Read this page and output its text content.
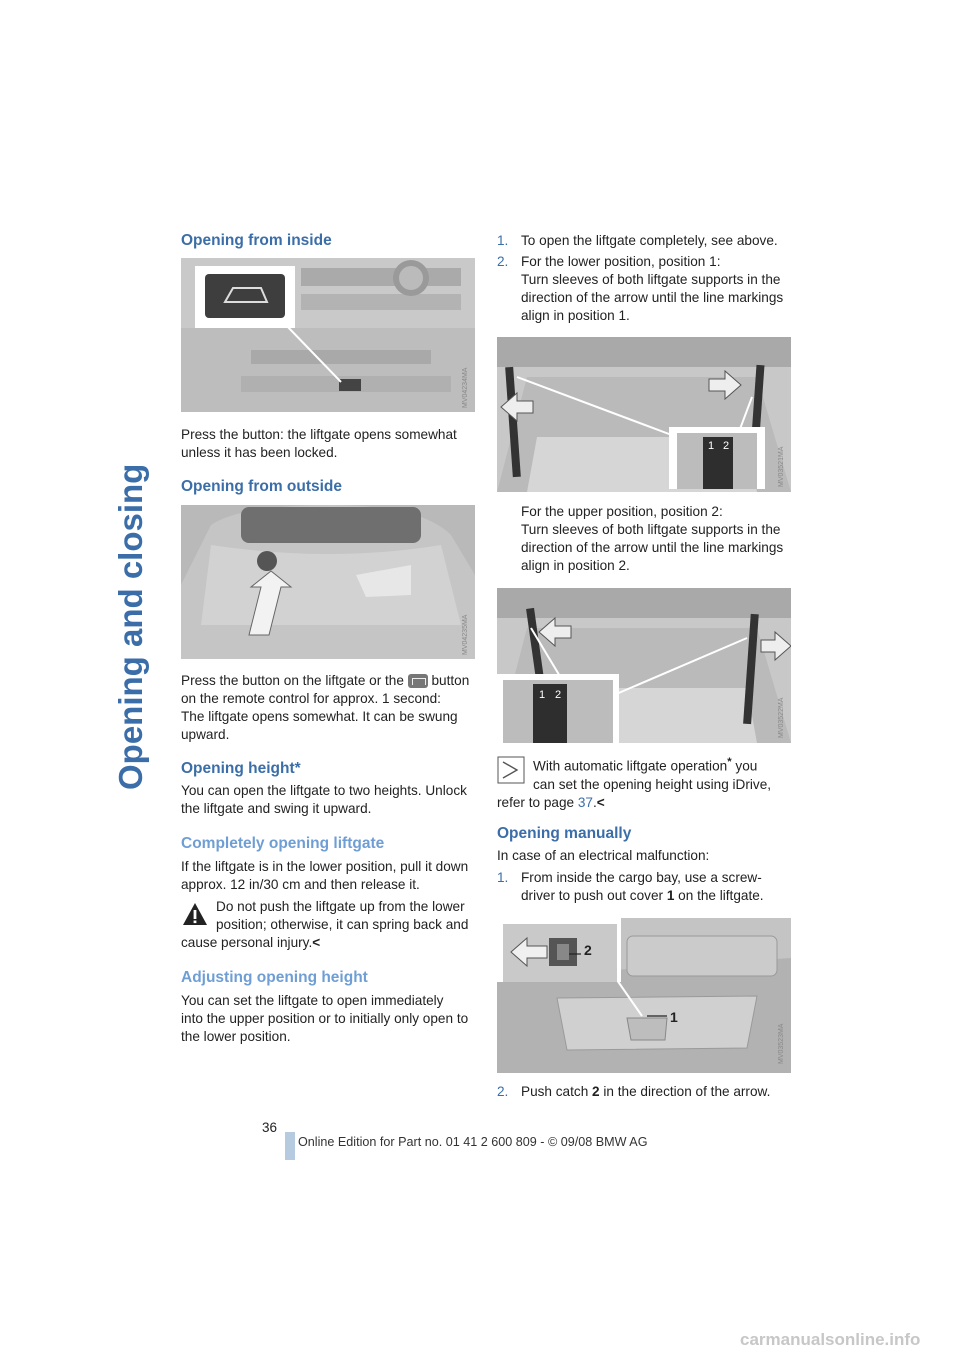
Opening and closing
Opening from inside
MV04234MA
Press the button: the liftgate opens somewhat
unless it has been locked.
Opening from outside
MV04235MA
Press the button on the liftgate or the button
on the remote control for approx. 1 second:
The liftgate opens somewhat. It can be swung
upward.
Opening height*
You can open the liftgate to two heights. Unlock
the liftgate and swing it upward.
Completely opening liftgate
If the liftgate is in the lower position, pull it down
approx. 12 in/30 cm and then release it.
Do not push the liftgate up from the lower
position; otherwise, it can spring back and
cause personal injury.<
Adjusting opening height
You can set the liftgate to open immediately
into the upper position or to initially only open to
the lower position.
1. To open the liftgate completely, see above.
2. For the lower position, position 1:
Turn sleeves of both liftgate supports in the
direction of the arrow until the line markings
align in position 1.
1 2
MV03521MA
For the upper position, position 2:
Turn sleeves of both liftgate supports in the
direction of the arrow until the line markings
align in position 2.
1 2
MV03522MA
With automatic liftgate operation* you
can set the opening height using iDrive,
refer to page 37.<
Opening manually
In case of an electrical malfunction:
1. From inside the cargo bay, use a screw-
driver to push out cover 1 on the liftgate.
MV03523MA
2
1
2. Push catch 2 in the direction of the arrow.
36
Online Edition for Part no. 01 41 2 600 809 - © 09/08 BMW AG
carmanualsonline.info
